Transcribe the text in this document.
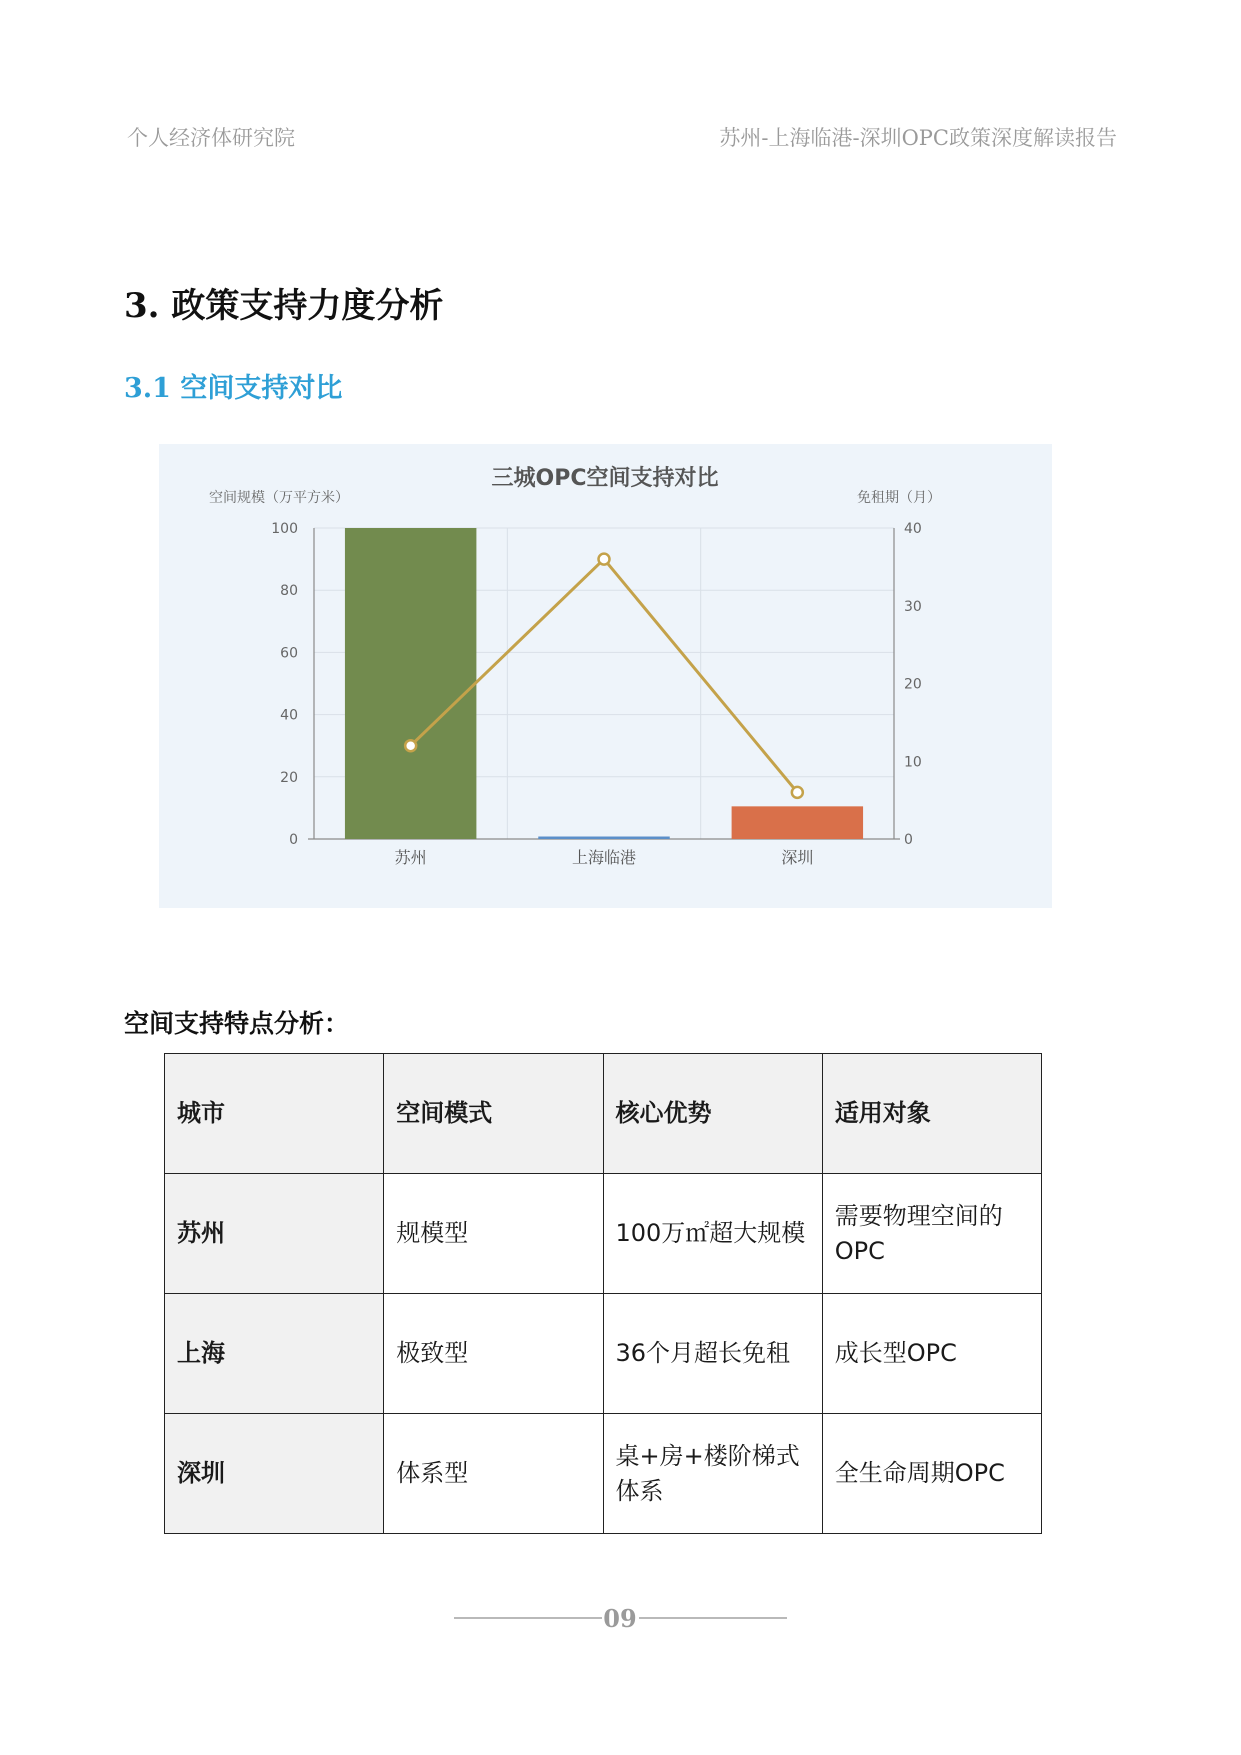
个人经济体研究院	苏州-上海临港-深圳OPC政策深度解读报告
3. 政策支持力度分析
3.1 空间支持对比
三城OPC空间支持对比
空间规模（万平方米）	免租期（月）
0
20
40
60
80
100
0
10
20
30
40
苏州	上海临港	深圳
空间支持特点分析：
城市	空间模式	核心优势	适用对象
苏州	规模型	100万㎡超大规模	需要物理空间的OPC
上海	极致型	36个月超长免租	成长型OPC
深圳	体系型	桌+房+楼阶梯式体系	全生命周期OPC
09
